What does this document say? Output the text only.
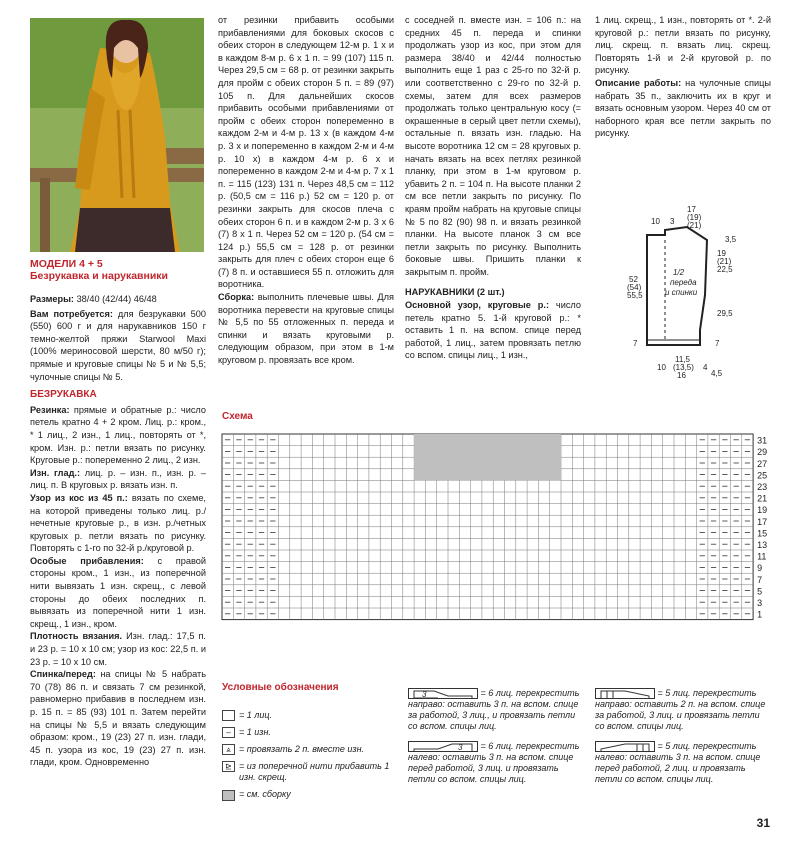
МОДЕЛИ 4 + 5
Безрукавка и нарукавники

Размеры: 38/40 (42/44) 46/48

Вам потребуется: для безрукавки 500 (550) 600 г и для нарукавников 150 г темно-желтой пряжи Starwool Maxi (100% мериносовой шерсти, 80 м/50 г); прямые и круговые спицы № 5 и № 5,5; чулочные спицы № 5.

БЕЗРУКАВКА

Резинка: прямые и обратные р.: число петель кратно 4 + 2 кром. Лиц. р.: кром., * 1 лиц., 2 изн., 1 лиц., повторять от *, кром. Изн. р.: петли вязать по рисунку. Круговые р.: попеременно 2 лиц., 2 изн.

Изн. глад.: лиц. р. – изн. п., изн. р. – лиц. п. В круговых р. вязать изн. п.

Узор из кос из 45 п.: вязать по схеме, на которой приведены только лиц. р./нечетные круговые р., в изн. р./четных круговых р. петли вязать по рисунку. Повторять с 1-го по 32-й р./круговой р.

Особые прибавления: с правой стороны кром., 1 изн., из поперечной нити вывязать 1 изн. скрещ., с левой стороны до обеих последних п. вывязать из поперечной нити 1 изн. скрещ., 1 изн., кром.

Плотность вязания. Изн. глад.: 17,5 п. и 23 р. = 10 x 10 см; узор из кос: 22,5 п. и 23 р. = 10 x 10 см.

Спинка/перед: на спицы № 5 набрать 70 (78) 86 п. и связать 7 см резинкой, равномерно прибавив в последнем изн. р. 15 п. = 85 (93) 101 п. Затем перейти на спицы № 5,5 и вязать следующим образом: кром., 19 (23) 27 п. изн. глади, 45 п. узора из кос, 19 (23) 27 п. изн. глади, кром. Одновременно

от резинки прибавить особыми прибавлениями для боковых скосов с обеих сторон в следующем 12-м р. 1 x и в каждом 8-м р. 6 x 1 п. = 99 (107) 115 п. Через 29,5 см = 68 р. от резинки закрыть для пройм с обеих сторон 5 п. = 89 (97) 105 п. Для дальнейших скосов прибавить особыми прибавлениями от пройм с обеих сторон попеременно в каждом 2-м и 4-м р. 13 x (в каждом 4-м р. 3 x и попеременно в каждом 2-м и 4-м р. 10 x) в каждом 4-м р. 6 x и попеременно в каждом 2-м и 4-м р. 7 x 1 п. = 115 (123) 131 п. Через 48,5 см = 112 р. (50,5 см = 116 р.) 52 см = 120 р. от резинки закрыть для скосов плеча с обеих сторон 6 п. и в каждом 2-м р. 3 x 6 (7) 8 x 1 п. Через 52 см = 120 р. (54 см = 124 р.) 55,5 см = 128 р. от резинки закрыть для плеч с обеих сторон еще 6 (7) 8 п. и оставшиеся 55 п. отложить для воротника.

Сборка: выполнить плечевые швы. Для воротника перевести на круговые спицы № 5,5 по 55 отложенных п. переда и спинки и вязать круговыми р. следующим образом, при этом в 1-м круговом р. провязать все кром.

с соседней п. вместе изн. = 106 п.: на средних 45 п. переда и спинки продолжать узор из кос, при этом для размера 38/40 и 42/44 полностью выполнить еще 1 раз с 25-го по 32-й р. или соответственно с 29-го по 32-й р. схемы, затем для всех размеров продолжать только центральную косу (= окрашенные в серый цвет петли схемы), остальные п. вязать изн. гладью. На высоте воротника 12 см = 28 круговых р. начать вязать на всех петлях резинкой планку, при этом в 1-м круговом р. убавить 2 п. = 104 п. На высоте планки 2 см все петли закрыть по рисунку. По краям пройм набрать на круговые спицы № 5 по 82 (90) 98 п. и вязать резинкой планки. На высоте планок 3 см все петли закрыть по рисунку. Выполнить боковые швы. Пришить планки к закрытым п. пройм.

НАРУКАВНИКИ (2 шт.)

Основной узор, круговые р.: число петель кратно 5. 1-й круговой р.: * оставить 1 п. на вспом. спице перед работой, 1 лиц., затем провязать петлю со вспом. спицы лиц., 1 изн.,

1 лиц. скрещ., 1 изн., повторять от *. 2-й круговой р.: петли вязать по рисунку, лиц. скрещ. п. вязать лиц. скрещ. Повторять 1-й и 2-й круговой р. по рисунку.

Описание работы: на чулочные спицы набрать 35 п., заключить их в круг и вязать основным узором. Через 40 см от наборного края все петли закрыть по рисунку.

10 3
17
(19)
(21)
3,5
19
(21)
22,5
52
(54)
55,5
29,5
7	7
1/2
переда
и спинки
10
11,5
(13,5)
16
4
4,5
Схема
31
29
27
25
23
21
19
17
15
13
11
9
7
5
3
1
Условные обозначения
= 1 лиц.
– = 1 изн.
⩓ = провязать 2 п. вместе изн.
⊵ = из поперечной нити прибавить 1 изн. скрещ.
= см. сборку
3	= 6 лиц. перекрестить направо: оставить 3 п. на вспом. спице за работой, 3 лиц., и провязать петли со вспом. спицы лиц.
3 = 6 лиц. перекрестить налево: оставить 3 п. на вспом. спице перед работой, 3 лиц. и провязать петли со вспом. спицы лиц.
= 5 лиц. перекрестить направо: оставить 2 п. на вспом. спице за работой, 3 лиц. и провязать петли со вспом. спицы лиц.
= 5 лиц. перекрестить налево: оставить 3 п. на вспом. спице перед работой, 2 лиц. и провязать петли со вспом. спицы лиц.
31
